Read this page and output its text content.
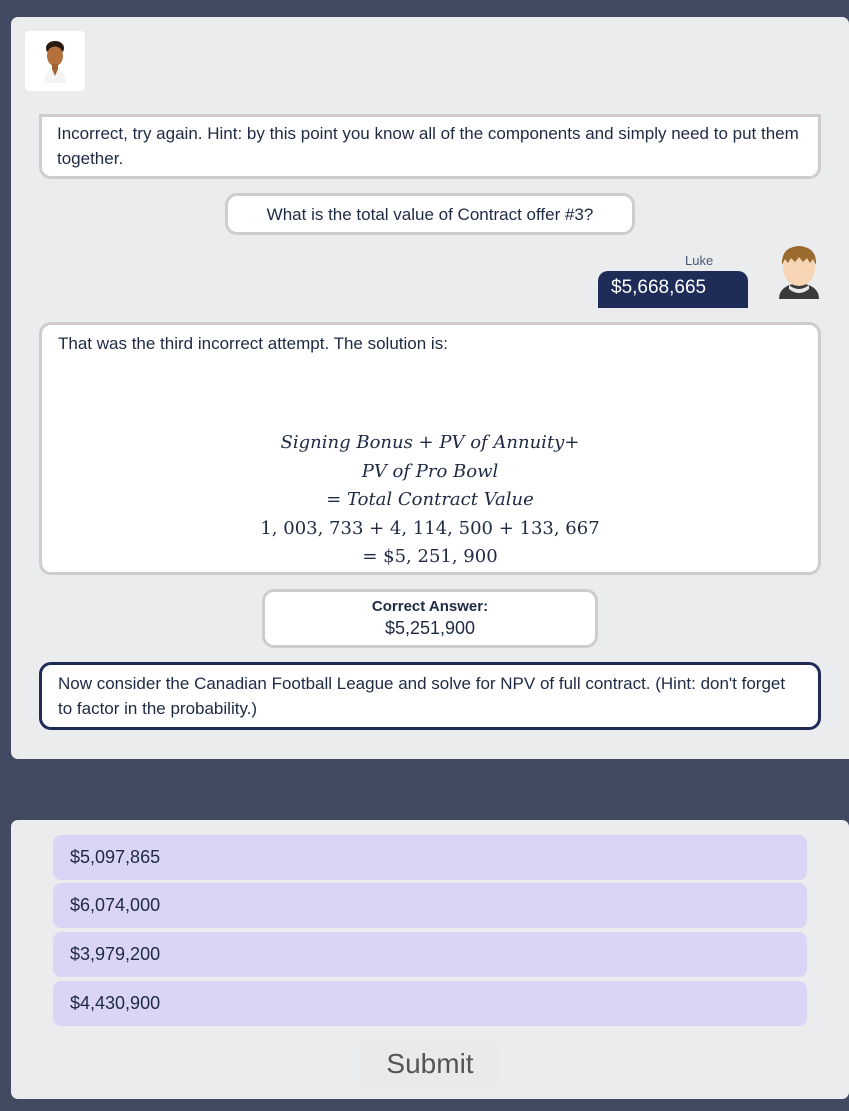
Incorrect, try again. Hint: by this point you know all of the components and simply need to put them together.
What is the total value of Contract offer #3?
Luke
$5,668,665
That was the third incorrect attempt. The solution is:
Signing Bonus + PV of Annuity+
PV of Pro Bowl
= Total Contract Value
1, 003, 733 + 4, 114, 500 + 133, 667
= $5, 251, 900
Correct Answer:
$5,251,900
Now consider the Canadian Football League and solve for NPV of full contract. (Hint: don't forget to factor in the probability.)
$5,097,865
$6,074,000
$3,979,200
$4,430,900
Submit
